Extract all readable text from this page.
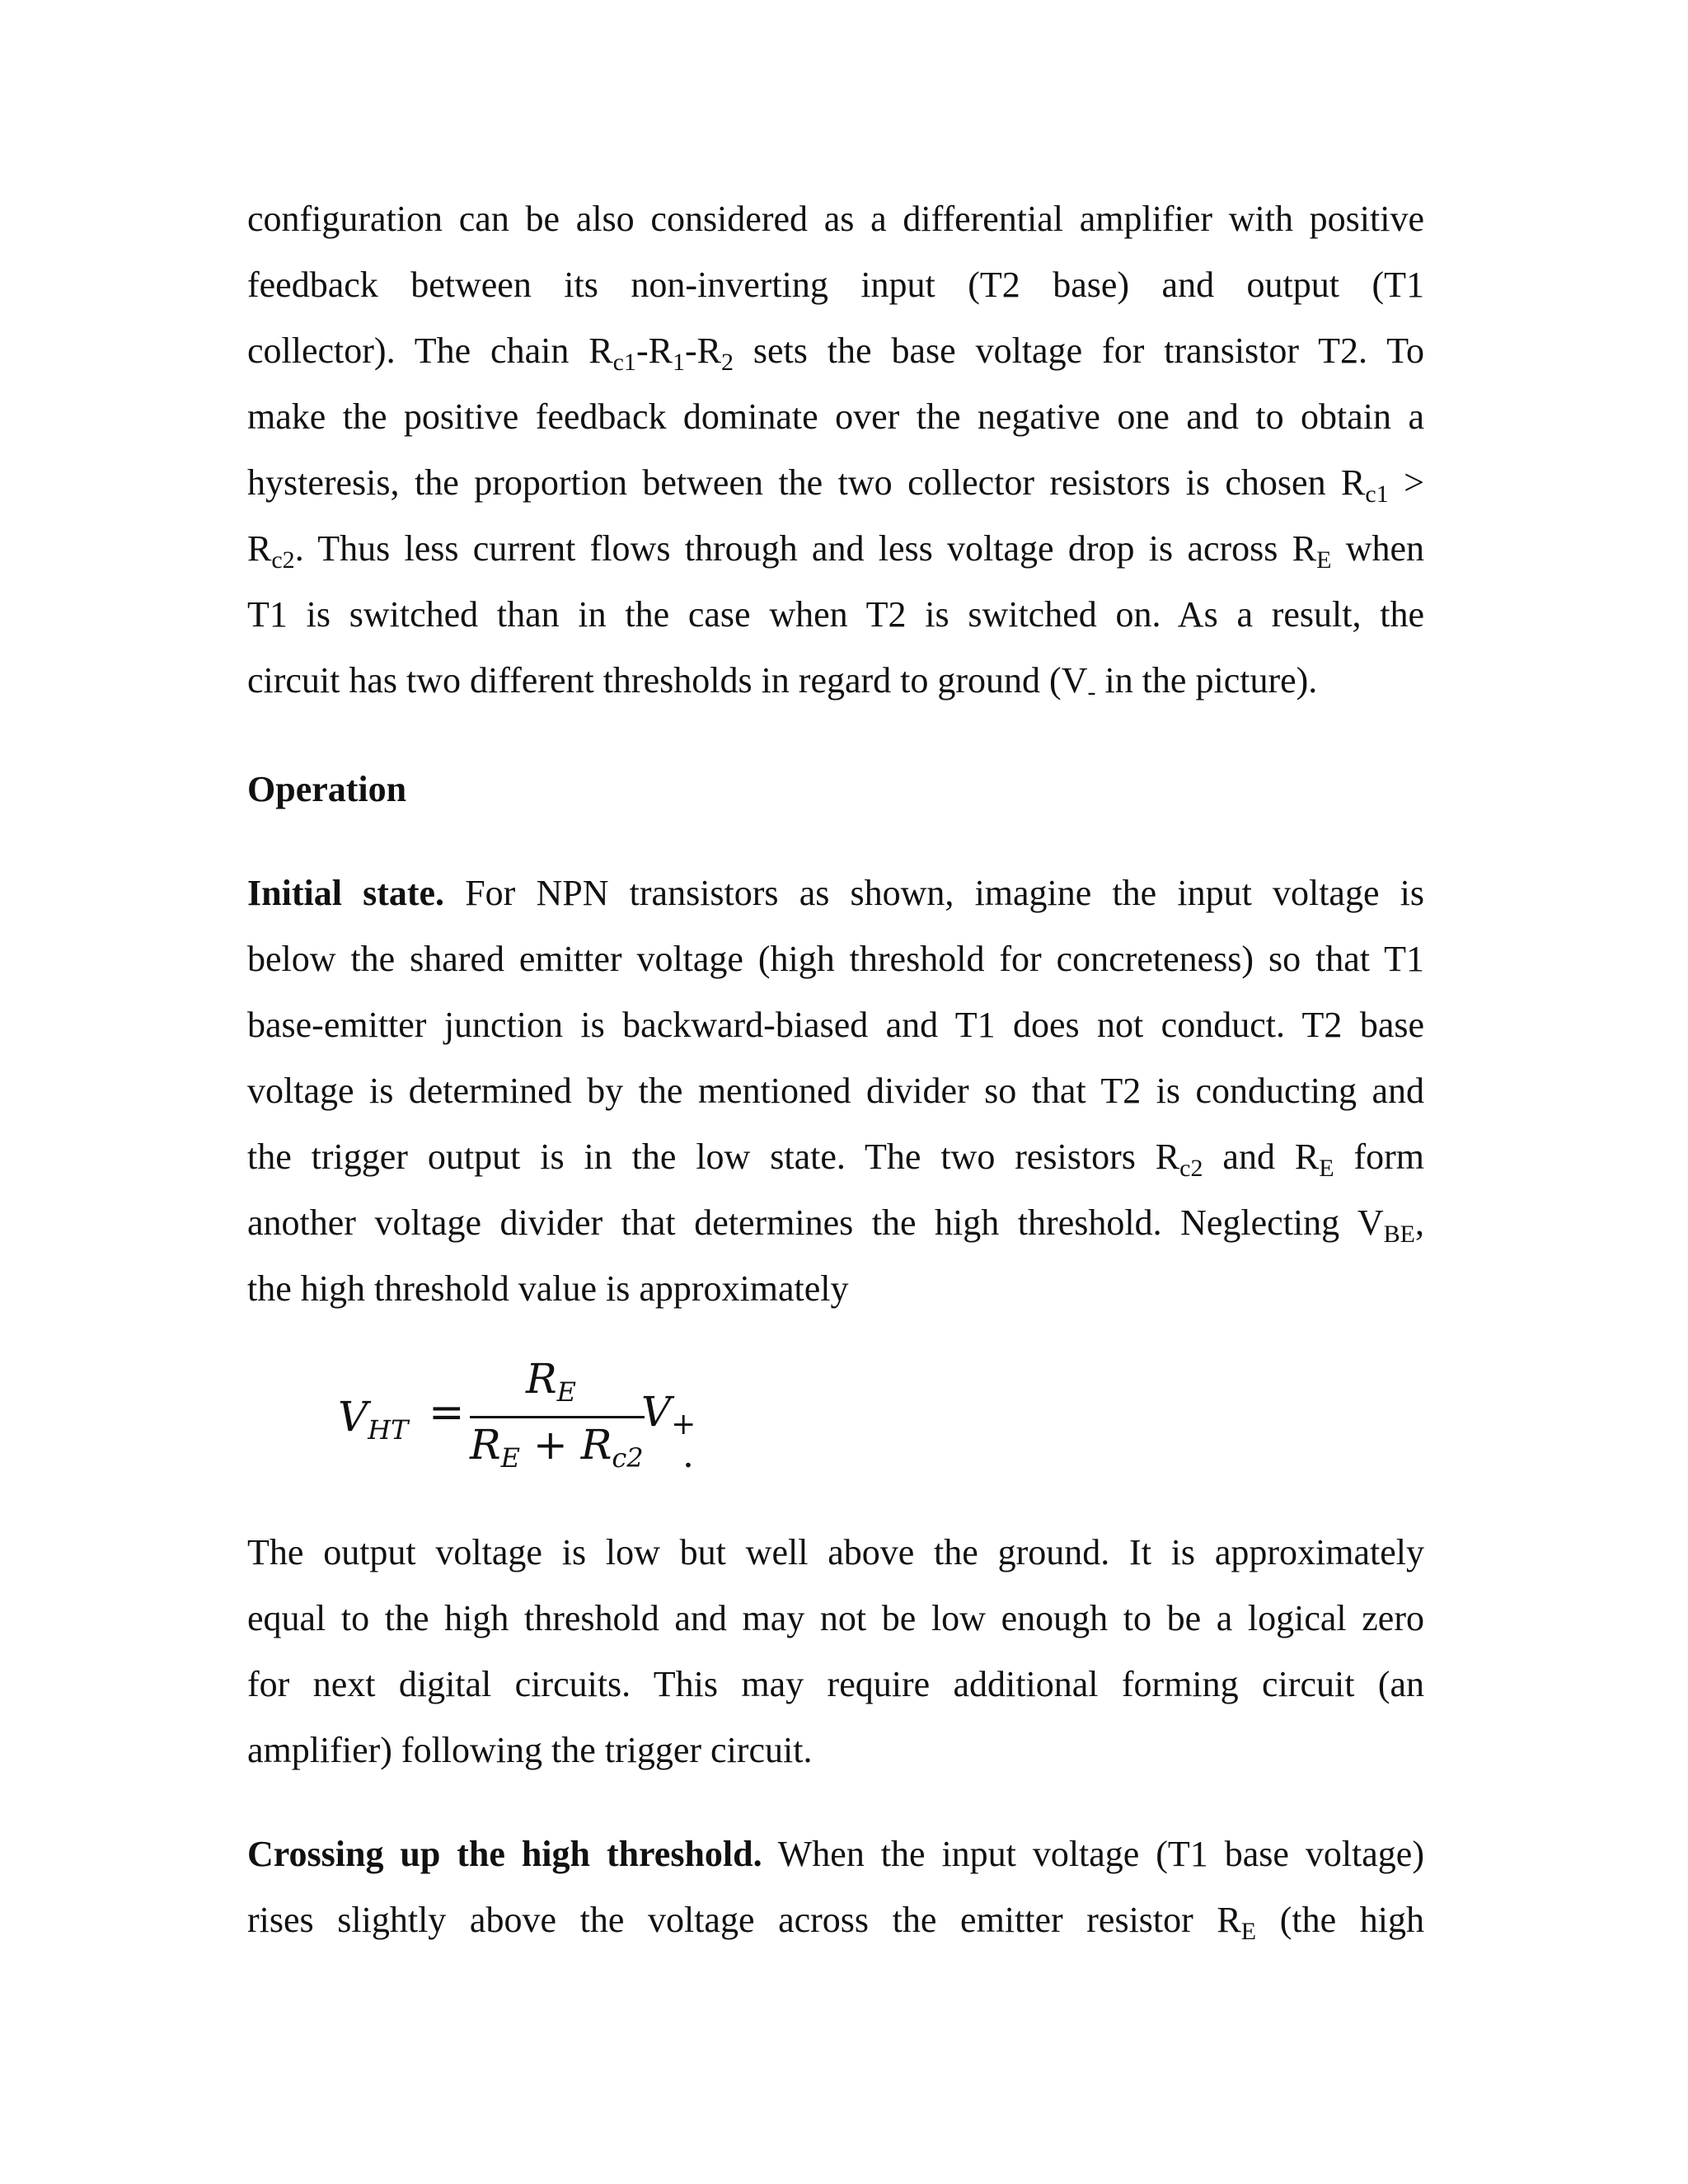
configuration can be also considered as a differential amplifier with positive
feedback between its non-inverting input (T2 base) and output (T1
collector). The chain $R_{c1}-R_1-R_2$ sets the base voltage for transistor T2. To
make the positive feedback dominate over the negative one and to obtain a
hysteresis, the proportion between the two collector resistors is chosen $R_{c1}$ >
$R_{c2}$. Thus less current flows through and less voltage drop is across $R_E$ when
T1 is switched than in the case when T2 is switched on. As a result, the
circuit has two different thresholds in regard to ground ($V_-$ in the picture).

Operation

Initial state. For NPN transistors as shown, imagine the input voltage is
below the shared emitter voltage (high threshold for concreteness) so that T1
base-emitter junction is backward-biased and T1 does not conduct. T2 base
voltage is determined by the mentioned divider so that T2 is conducting and
the trigger output is in the low state. The two resistors $R_{c2}$ and $R_E$ form
another voltage divider that determines the high threshold. Neglecting $V_{BE}$,
the high threshold value is approximately

$V_{HT}$ =
$R_E$
$R_E + R_{c2}$
$V_+$
.

The output voltage is low but well above the ground. It is approximately
equal to the high threshold and may not be low enough to be a logical zero
for next digital circuits. This may require additional forming circuit (an
amplifier) following the trigger circuit.

Crossing up the high threshold. When the input voltage (T1 base voltage)
rises slightly above the voltage across the emitter resistor $R_E$ (the high
